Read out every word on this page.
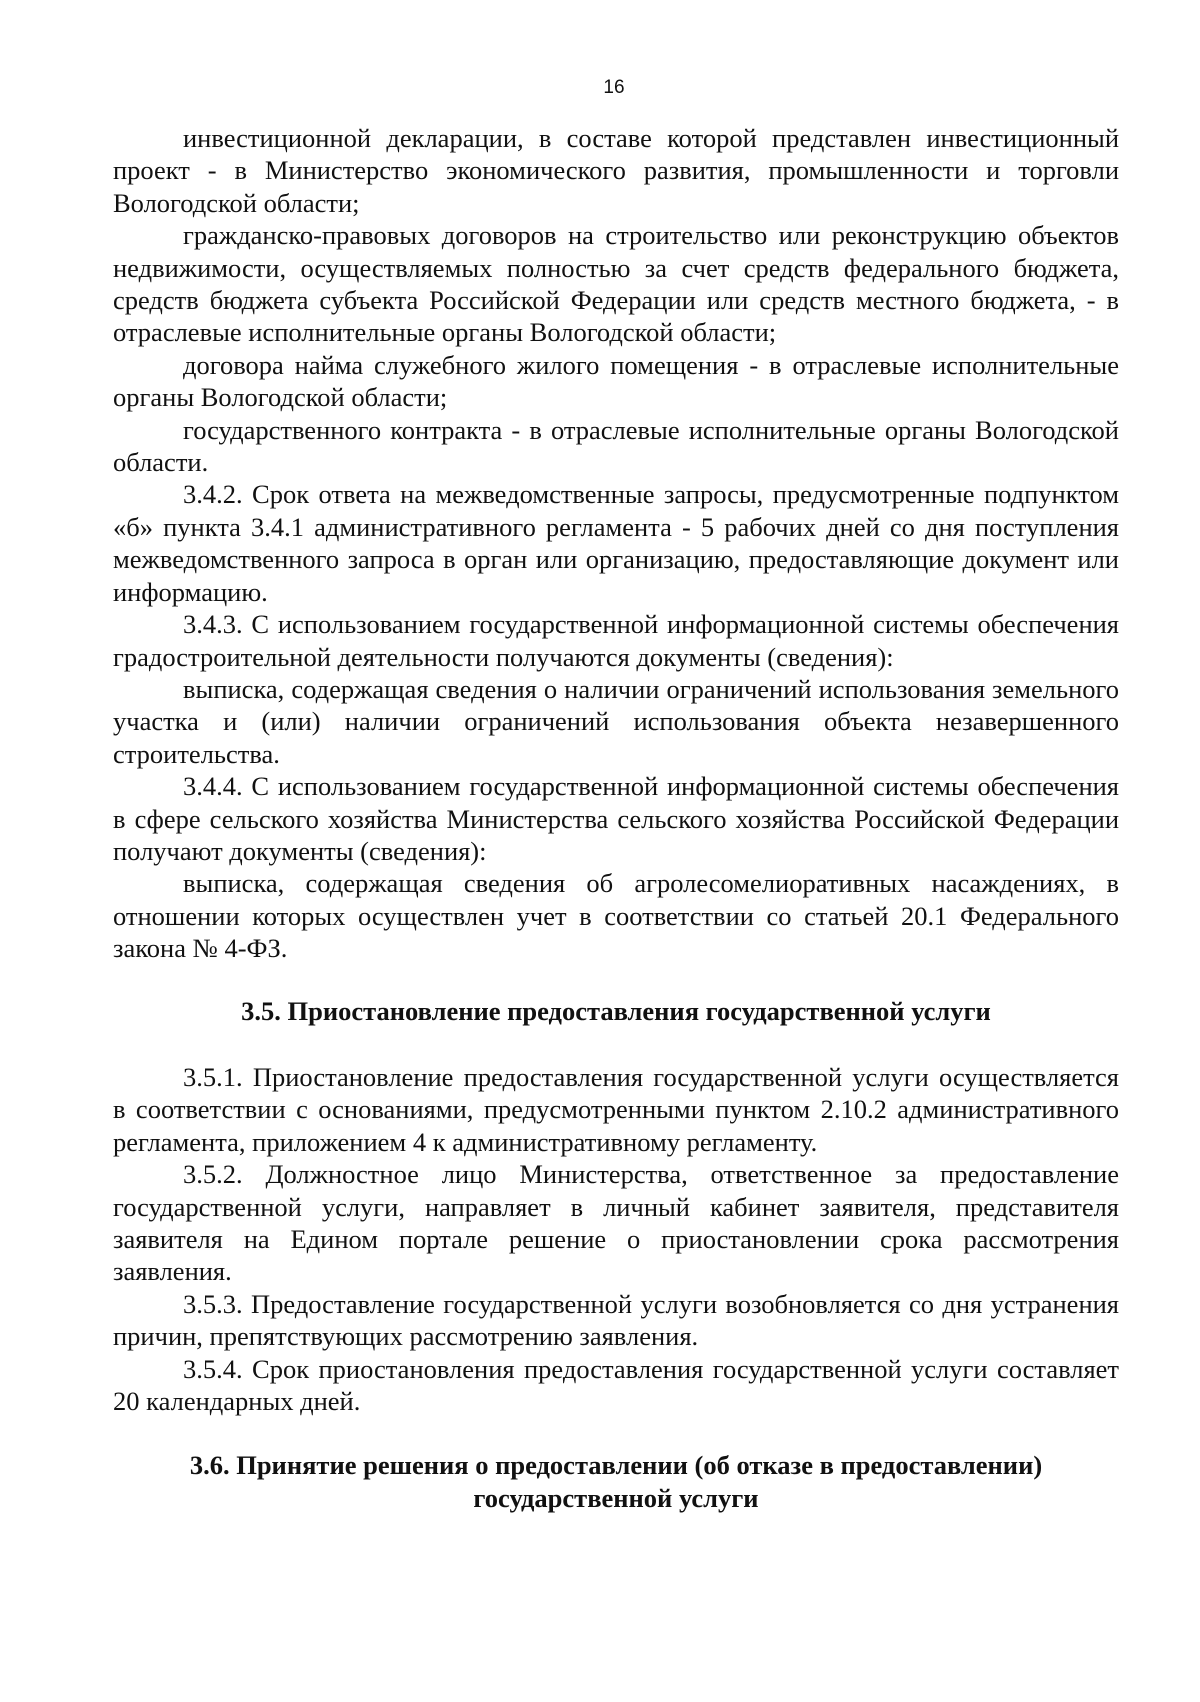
16

инвестиционной декларации, в составе которой представлен инвестиционный проект - в Министерство экономического развития, промышленности и торговли Вологодской области;

гражданско-правовых договоров на строительство или реконструкцию объектов недвижимости, осуществляемых полностью за счет средств федерального бюджета, средств бюджета субъекта Российской Федерации или средств местного бюджета, - в отраслевые исполнительные органы Вологодской области;

договора найма служебного жилого помещения - в отраслевые исполнительные органы Вологодской области;

государственного контракта - в отраслевые исполнительные органы Вологодской области.

3.4.2. Срок ответа на межведомственные запросы, предусмотренные подпунктом «б» пункта 3.4.1 административного регламента - 5 рабочих дней со дня поступления межведомственного запроса в орган или организацию, предоставляющие документ или информацию.

3.4.3. С использованием государственной информационной системы обеспечения градостроительной деятельности получаются документы (сведения):

выписка, содержащая сведения о наличии ограничений использования земельного участка и (или) наличии ограничений использования объекта незавершенного строительства.

3.4.4. С использованием государственной информационной системы обеспечения в сфере сельского хозяйства Министерства сельского хозяйства Российской Федерации получают документы (сведения):

выписка, содержащая сведения об агролесомелиоративных насаждениях, в отношении которых осуществлен учет в соответствии со статьей 20.1 Федерального закона № 4-ФЗ.

3.5. Приостановление предоставления государственной услуги

3.5.1. Приостановление предоставления государственной услуги осуществляется в соответствии с основаниями, предусмотренными пунктом 2.10.2 административного регламента, приложением 4 к административному регламенту.

3.5.2. Должностное лицо Министерства, ответственное за предоставление государственной услуги, направляет в личный кабинет заявителя, представителя заявителя на Едином портале решение о приостановлении срока рассмотрения заявления.

3.5.3. Предоставление государственной услуги возобновляется со дня устранения причин, препятствующих рассмотрению заявления.

3.5.4. Срок приостановления предоставления государственной услуги составляет 20 календарных дней.

3.6. Принятие решения о предоставлении (об отказе в предоставлении)
государственной услуги
